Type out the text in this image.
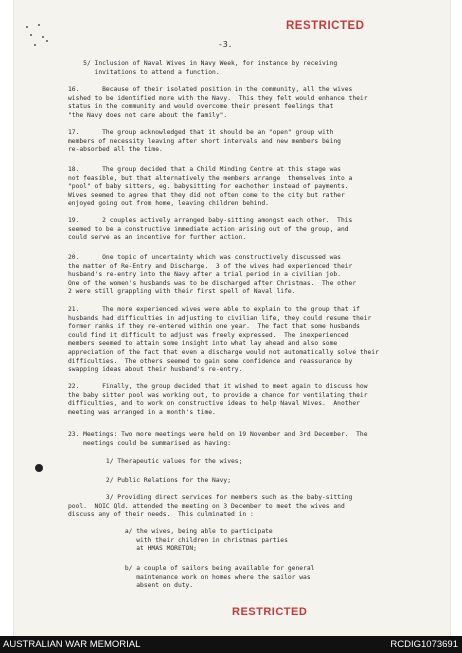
RESTRICTED
-3.
5/ Inclusion of Naval Wives in Navy Week, for instance by receiving
invitations to attend a function.
16.      Because of their isolated position in the community, all the wives
wished to be identified more with the Navy.  This they felt would enhance their
status in the community and would overcome their present feelings that
"the Navy does not care about the family".
17.      The group acknowledged that it should be an "open" group with
members of necessity leaving after short intervals and new members being
re-absorbed all the time.
18.      The group decided that a Child Minding Centre at this stage was
not feasible, but that alternatively the members arrange  themselves into a
"pool" of baby sitters, eg. babysitting for eachother instead of payments.
Wives seemed to agree that they did not often come to the city but rather
enjoyed going out from home, leaving children behind.
19.      2 couples actively arranged baby-sitting amongst each other.  This
seemed to be a constructive immediate action arising out of the group, and
could serve as an incentive for further action.
20.      One topic of uncertainty which was constructively discussed was
the matter of Re-Entry and Discharge.  3 of the wives had experienced their
husband's re-entry into the Navy after a trial period in a civilian job.
One of the women's husbands was to be discharged after Christmas.  The other
2 were still grappling with their first spell of Naval life.
21.      The more experienced wives were able to explain to the group that if
husbands had difficulties in adjusting to civilian life, they could resume their
former ranks if they re-entered within one year.  The fact that some husbands
could find it difficult to adjust was freely expressed.  The inexperienced
members seemed to attain some insight into what lay ahead and also some
appreciation of the fact that even a discharge would not automatically solve their
difficulties.  The others seemed to gain some confidence and reassurance by
swapping ideas about their husband's re-entry.
22.      Finally, the group decided that it wished to meet again to discuss how
the baby sitter pool was working out, to provide a chance for ventilating their
difficulties, and to work on constructive ideas to help Naval Wives.  Another
meeting was arranged in a month's time.
23. Meetings: Two more meetings were held on 19 November and 3rd December.  The
meetings could be summarised as having:
1/ Therapeutic values for the wives;
2/ Public Relations for the Navy;
3/ Providing direct services for members such as the baby-sitting
pool.  NOIC Qld. attended the meeting on 3 December to meet the wives and
discuss any of their needs.  This culminated in :
a/ the wives, being able to participate
with their children in christmas parties
at HMAS MORETON;
b/ a couple of sailors being available for general
maintenance work on homes where the sailor was
absent on duty.
RESTRICTED
AUSTRALIAN WAR MEMORIAL	RCDIG1073691
